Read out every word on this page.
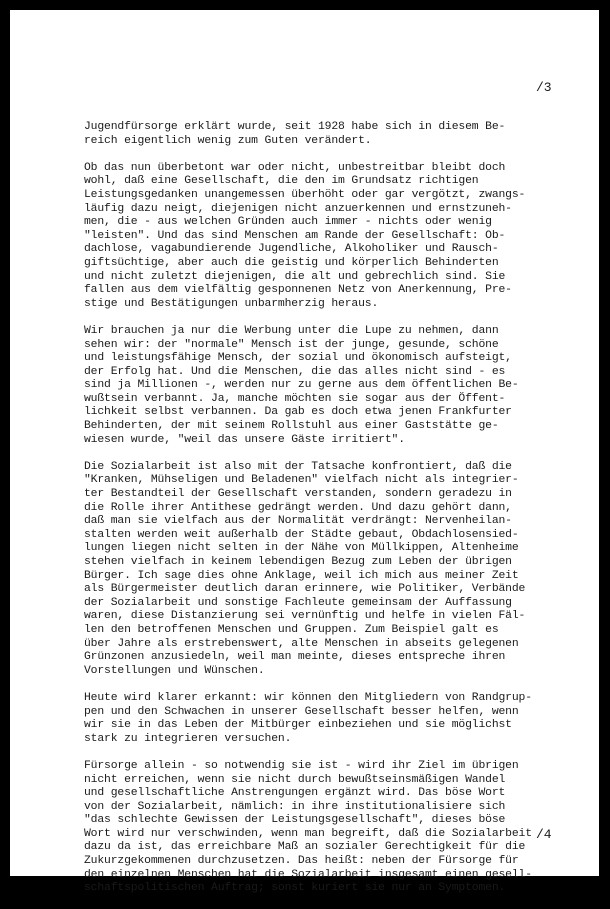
/3
Jugendfürsorge erklärt wurde, seit 1928 habe sich in diesem Be-
reich eigentlich wenig zum Guten verändert.
Ob das nun überbetont war oder nicht, unbestreitbar bleibt doch
wohl, daß eine Gesellschaft, die den im Grundsatz richtigen
Leistungsgedanken unangemessen überhöht oder gar vergötzt, zwangs-
läufig dazu neigt, diejenigen nicht anzuerkennen und ernstzuneh-
men, die - aus welchen Gründen auch immer - nichts oder wenig
"leisten". Und das sind Menschen am Rande der Gesellschaft: Ob-
dachlose, vagabundierende Jugendliche, Alkoholiker und Rausch-
giftsüchtige, aber auch die geistig und körperlich Behinderten
und nicht zuletzt diejenigen, die alt und gebrechlich sind. Sie
fallen aus dem vielfältig gesponnenen Netz von Anerkennung, Pre-
stige und Bestätigungen unbarmherzig heraus.
Wir brauchen ja nur die Werbung unter die Lupe zu nehmen, dann
sehen wir: der "normale" Mensch ist der junge, gesunde, schöne
und leistungsfähige Mensch, der sozial und ökonomisch aufsteigt,
der Erfolg hat. Und die Menschen, die das alles nicht sind - es
sind ja Millionen -, werden nur zu gerne aus dem öffentlichen Be-
wußtsein verbannt. Ja, manche möchten sie sogar aus der Öffent-
lichkeit selbst verbannen. Da gab es doch etwa jenen Frankfurter
Behinderten, der mit seinem Rollstuhl aus einer Gaststätte ge-
wiesen wurde, "weil das unsere Gäste irritiert".
Die Sozialarbeit ist also mit der Tatsache konfrontiert, daß die
"Kranken, Mühseligen und Beladenen" vielfach nicht als integrier-
ter Bestandteil der Gesellschaft verstanden, sondern geradezu in
die Rolle ihrer Antithese gedrängt werden. Und dazu gehört dann,
daß man sie vielfach aus der Normalität verdrängt: Nervenheilan-
stalten werden weit außerhalb der Städte gebaut, Obdachlosensied-
lungen liegen nicht selten in der Nähe von Müllkippen, Altenheime
stehen vielfach in keinem lebendigen Bezug zum Leben der übrigen
Bürger. Ich sage dies ohne Anklage, weil ich mich aus meiner Zeit
als Bürgermeister deutlich daran erinnere, wie Politiker, Verbände
der Sozialarbeit und sonstige Fachleute gemeinsam der Auffassung
waren, diese Distanzierung sei vernünftig und helfe in vielen Fäl-
len den betroffenen Menschen und Gruppen. Zum Beispiel galt es
über Jahre als erstrebenswert, alte Menschen in abseits gelegenen
Grünzonen anzusiedeln, weil man meinte, dieses entspreche ihren
Vorstellungen und Wünschen.
Heute wird klarer erkannt: wir können den Mitgliedern von Randgrup-
pen und den Schwachen in unserer Gesellschaft besser helfen, wenn
wir sie in das Leben der Mitbürger einbeziehen und sie möglichst
stark zu integrieren versuchen.
Fürsorge allein - so notwendig sie ist - wird ihr Ziel im übrigen
nicht erreichen, wenn sie nicht durch bewußtseinsmäßigen Wandel
und gesellschaftliche Anstrengungen ergänzt wird. Das böse Wort
von der Sozialarbeit, nämlich: in ihre institutionalisiere sich
"das schlechte Gewissen der Leistungsgesellschaft", dieses böse
Wort wird nur verschwinden, wenn man begreift, daß die Sozialarbeit
dazu da ist, das erreichbare Maß an sozialer Gerechtigkeit für die
Zukurzgekommenen durchzusetzen. Das heißt: neben der Fürsorge für
den einzelnen Menschen hat die Sozialarbeit insgesamt einen gesell-
schaftspolitischen Auftrag; sonst kuriert sie nur an Symptomen.
/4
